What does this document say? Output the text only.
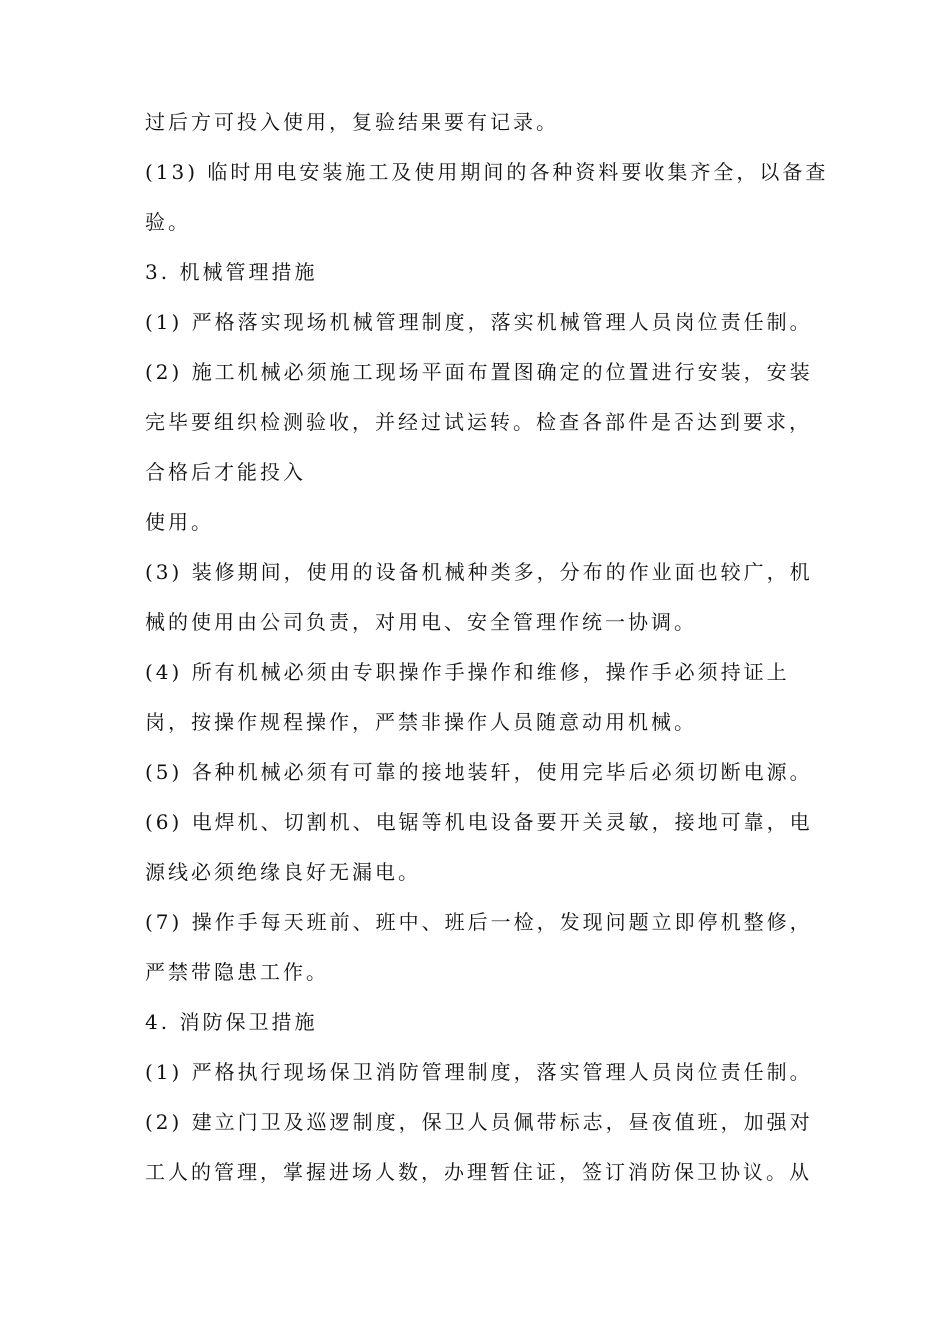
过后方可投入使用，复验结果要有记录。
(13) 临时用电安装施工及使用期间的各种资料要收集齐全，以备查
验。
3. 机械管理措施
(1) 严格落实现场机械管理制度，落实机械管理人员岗位责任制。
(2) 施工机械必须施工现场平面布置图确定的位置进行安装，安装
完毕要组织检测验收，并经过试运转。检查各部件是否达到要求，
合格后才能投入
使用。
(3) 装修期间，使用的设备机械种类多，分布的作业面也较广，机
械的使用由公司负责，对用电、安全管理作统一协调。
(4) 所有机械必须由专职操作手操作和维修，操作手必须持证上
岗，按操作规程操作，严禁非操作人员随意动用机械。
(5) 各种机械必须有可靠的接地装轩，使用完毕后必须切断电源。
(6) 电焊机、切割机、电锯等机电设备要开关灵敏，接地可靠，电
源线必须绝缘良好无漏电。
(7) 操作手每天班前、班中、班后一检，发现问题立即停机整修，
严禁带隐患工作。
4. 消防保卫措施
(1) 严格执行现场保卫消防管理制度，落实管理人员岗位责任制。
(2) 建立门卫及巡逻制度，保卫人员佩带标志，昼夜值班，加强对
工人的管理，掌握进场人数，办理暂住证，签订消防保卫协议。从
